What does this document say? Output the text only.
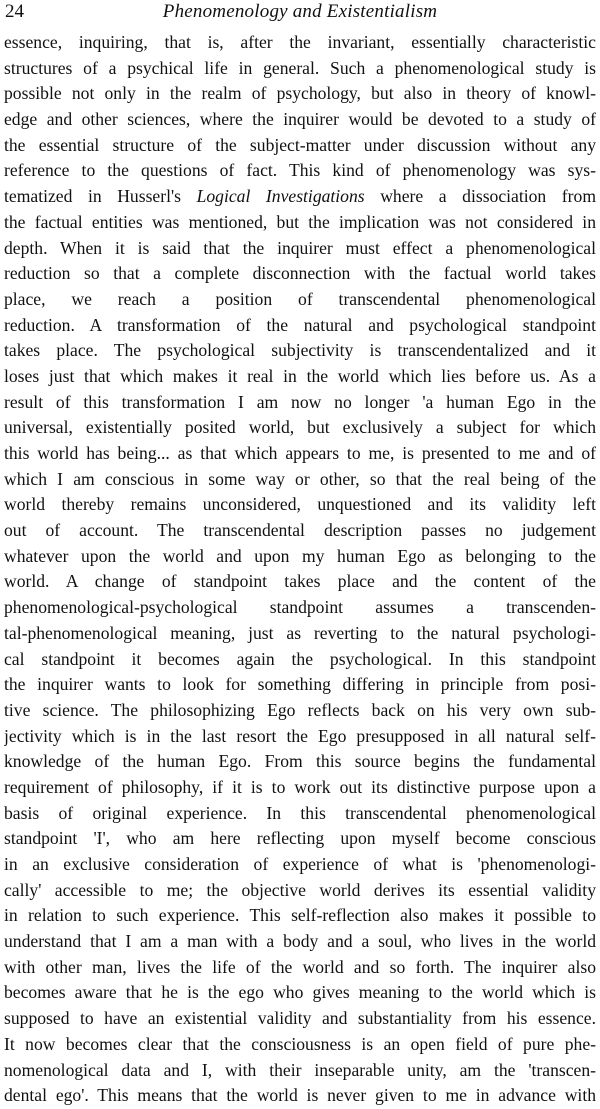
24	Phenomenology and Existentialism
essence, inquiring, that is, after the invariant, essentially characteristic
structures of a psychical life in general. Such a phenomenological study is
possible not only in the realm of psychology, but also in theory of knowl-
edge and other sciences, where the inquirer would be devoted to a study of
the essential structure of the subject-matter under discussion without any
reference to the questions of fact. This kind of phenomenology was sys-
tematized in Husserl's Logical Investigations where a dissociation from
the factual entities was mentioned, but the implication was not considered in
depth. When it is said that the inquirer must effect a phenomenological
reduction so that a complete disconnection with the factual world takes
place, we reach a position of transcendental phenomenological
reduction. A transformation of the natural and psychological standpoint
takes place. The psychological subjectivity is transcendentalized and it
loses just that which makes it real in the world which lies before us. As a
result of this transformation I am now no longer 'a human Ego in the
universal, existentially posited world, but exclusively a subject for which
this world has being... as that which appears to me, is presented to me and of
which I am conscious in some way or other, so that the real being of the
world thereby remains unconsidered, unquestioned and its validity left
out of account. The transcendental description passes no judgement
whatever upon the world and upon my human Ego as belonging to the
world. A change of standpoint takes place and the content of the
phenomenological-psychological standpoint assumes a transcenden-
tal-phenomenological meaning, just as reverting to the natural psychologi-
cal standpoint it becomes again the psychological. In this standpoint
the inquirer wants to look for something differing in principle from posi-
tive science. The philosophizing Ego reflects back on his very own sub-
jectivity which is in the last resort the Ego presupposed in all natural self-
knowledge of the human Ego. From this source begins the fundamental
requirement of philosophy, if it is to work out its distinctive purpose upon a
basis of original experience. In this transcendental phenomenological
standpoint 'I', who am here reflecting upon myself become conscious
in an exclusive consideration of experience of what is 'phenomenologi-
cally' accessible to me; the objective world derives its essential validity
in relation to such experience. This self-reflection also makes it possible to
understand that I am a man with a body and a soul, who lives in the world
with other man, lives the life of the world and so forth. The inquirer also
becomes aware that he is the ego who gives meaning to the world which is
supposed to have an existential validity and substantiality from his essence.
It now becomes clear that the consciousness is an open field of pure phe-
nomenological data and I, with their inseparable unity, am the 'transcen-
dental ego'. This means that the world is never given to me in advance with
